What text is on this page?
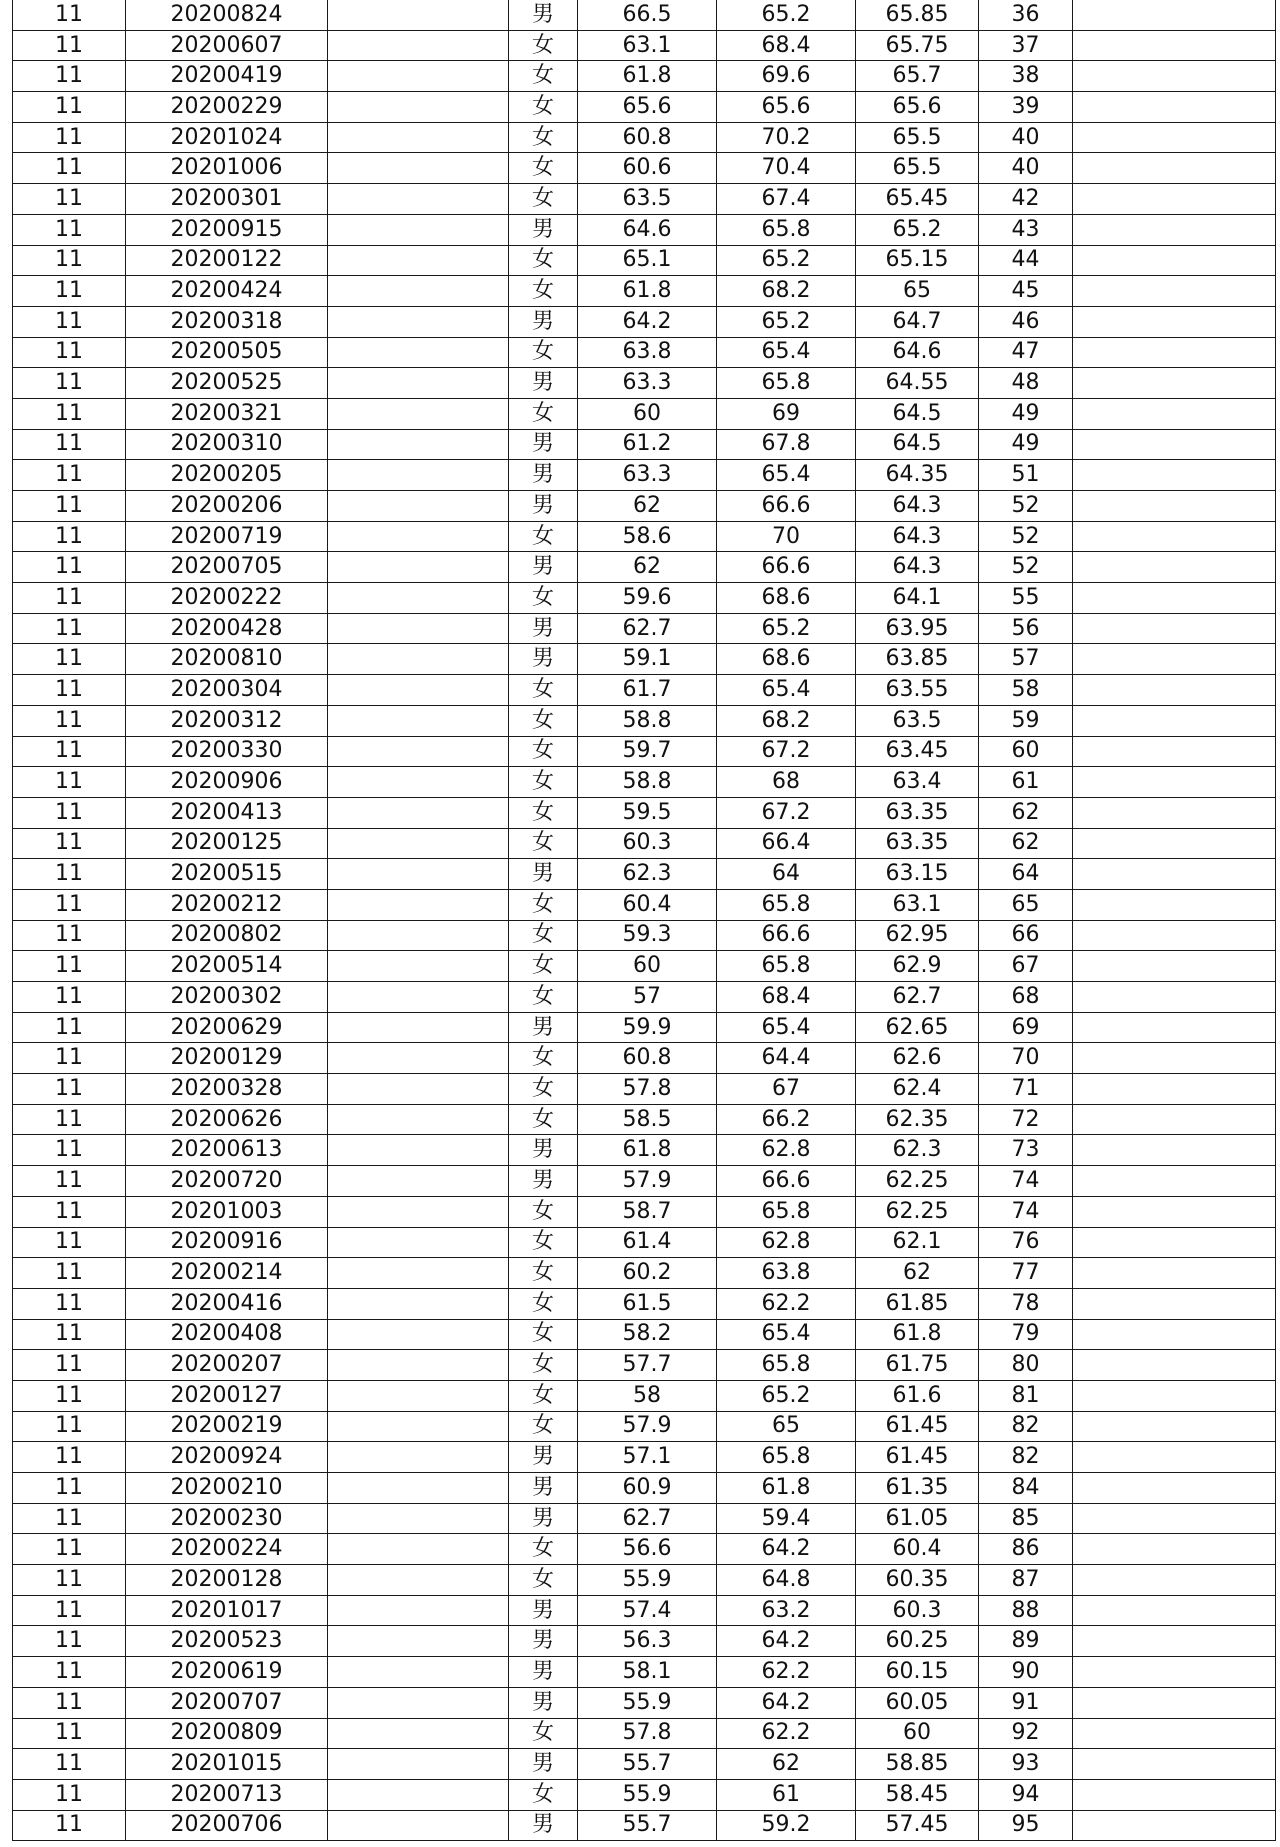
11	20200824		男	66.5	65.2	65.85	36	
11	20200607		女	63.1	68.4	65.75	37	
11	20200419		女	61.8	69.6	65.7	38	
11	20200229		女	65.6	65.6	65.6	39	
11	20201024		女	60.8	70.2	65.5	40	
11	20201006		女	60.6	70.4	65.5	40	
11	20200301		女	63.5	67.4	65.45	42	
11	20200915		男	64.6	65.8	65.2	43	
11	20200122		女	65.1	65.2	65.15	44	
11	20200424		女	61.8	68.2	65	45	
11	20200318		男	64.2	65.2	64.7	46	
11	20200505		女	63.8	65.4	64.6	47	
11	20200525		男	63.3	65.8	64.55	48	
11	20200321		女	60	69	64.5	49	
11	20200310		男	61.2	67.8	64.5	49	
11	20200205		男	63.3	65.4	64.35	51	
11	20200206		男	62	66.6	64.3	52	
11	20200719		女	58.6	70	64.3	52	
11	20200705		男	62	66.6	64.3	52	
11	20200222		女	59.6	68.6	64.1	55	
11	20200428		男	62.7	65.2	63.95	56	
11	20200810		男	59.1	68.6	63.85	57	
11	20200304		女	61.7	65.4	63.55	58	
11	20200312		女	58.8	68.2	63.5	59	
11	20200330		女	59.7	67.2	63.45	60	
11	20200906		女	58.8	68	63.4	61	
11	20200413		女	59.5	67.2	63.35	62	
11	20200125		女	60.3	66.4	63.35	62	
11	20200515		男	62.3	64	63.15	64	
11	20200212		女	60.4	65.8	63.1	65	
11	20200802		女	59.3	66.6	62.95	66	
11	20200514		女	60	65.8	62.9	67	
11	20200302		女	57	68.4	62.7	68	
11	20200629		男	59.9	65.4	62.65	69	
11	20200129		女	60.8	64.4	62.6	70	
11	20200328		女	57.8	67	62.4	71	
11	20200626		女	58.5	66.2	62.35	72	
11	20200613		男	61.8	62.8	62.3	73	
11	20200720		男	57.9	66.6	62.25	74	
11	20201003		女	58.7	65.8	62.25	74	
11	20200916		女	61.4	62.8	62.1	76	
11	20200214		女	60.2	63.8	62	77	
11	20200416		女	61.5	62.2	61.85	78	
11	20200408		女	58.2	65.4	61.8	79	
11	20200207		女	57.7	65.8	61.75	80	
11	20200127		女	58	65.2	61.6	81	
11	20200219		女	57.9	65	61.45	82	
11	20200924		男	57.1	65.8	61.45	82	
11	20200210		男	60.9	61.8	61.35	84	
11	20200230		男	62.7	59.4	61.05	85	
11	20200224		女	56.6	64.2	60.4	86	
11	20200128		女	55.9	64.8	60.35	87	
11	20201017		男	57.4	63.2	60.3	88	
11	20200523		男	56.3	64.2	60.25	89	
11	20200619		男	58.1	62.2	60.15	90	
11	20200707		男	55.9	64.2	60.05	91	
11	20200809		女	57.8	62.2	60	92	
11	20201015		男	55.7	62	58.85	93	
11	20200713		女	55.9	61	58.45	94	
11	20200706		男	55.7	59.2	57.45	95	
